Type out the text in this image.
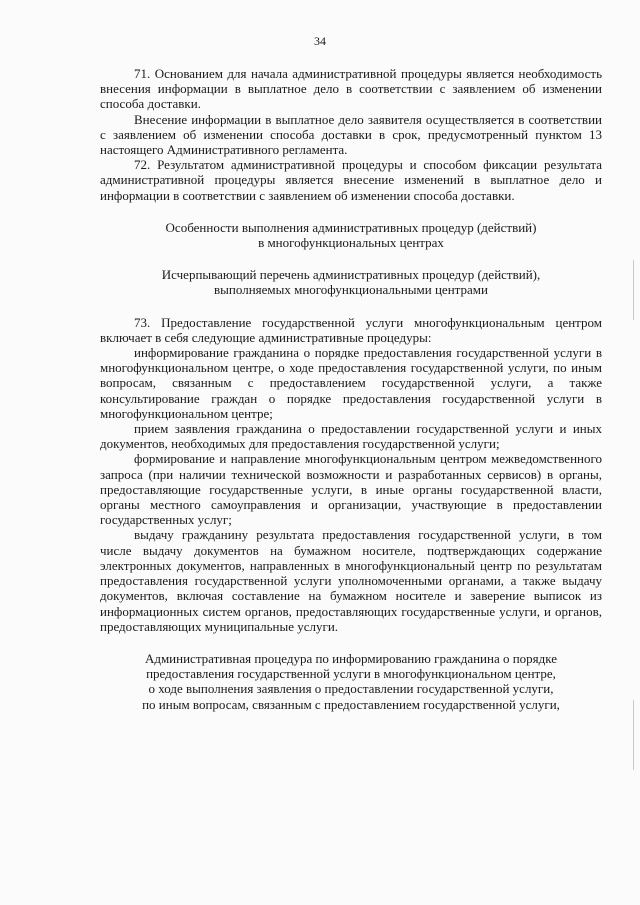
34

71. Основанием для начала административной процедуры является необходимость внесения информации в выплатное дело в соответствии с заявлением об изменении способа доставки.

Внесение информации в выплатное дело заявителя осуществляется в соответствии с заявлением об изменении способа доставки в срок, предусмотренный пунктом 13 настоящего Административного регламента.

72. Результатом административной процедуры и способом фиксации результата административной процедуры является внесение изменений в выплатное дело и информации в соответствии с заявлением об изменении способа доставки.

Особенности выполнения административных процедур (действий)

в многофункциональных центрах

Исчерпывающий перечень административных процедур (действий),

выполняемых многофункциональными центрами

73. Предоставление государственной услуги многофункциональным центром включает в себя следующие административные процедуры:

информирование гражданина о порядке предоставления государственной услуги в многофункциональном центре, о ходе предоставления государственной услуги, по иным вопросам, связанным с предоставлением государственной услуги, а также консультирование граждан о порядке предоставления государственной услуги в многофункциональном центре;

прием заявления гражданина о предоставлении государственной услуги и иных документов, необходимых для предоставления государственной услуги;

формирование и направление многофункциональным центром межведомственного запроса (при наличии технической возможности и разработанных сервисов) в органы, предоставляющие государственные услуги, в иные органы государственной власти, органы местного самоуправления и организации, участвующие в предоставлении государственных услуг;

выдачу гражданину результата предоставления государственной услуги, в том числе выдачу документов на бумажном носителе, подтверждающих содержание электронных документов, направленных в многофункциональный центр по результатам предоставления государственной услуги уполномоченными органами, а также выдачу документов, включая составление на бумажном носителе и заверение выписок из информационных систем органов, предоставляющих государственные услуги, и органов, предоставляющих муниципальные услуги.

Административная процедура по информированию гражданина о порядке

предоставления государственной услуги в многофункциональном центре,

о ходе выполнения заявления о предоставлении государственной услуги,

по иным вопросам, связанным с предоставлением государственной услуги,
